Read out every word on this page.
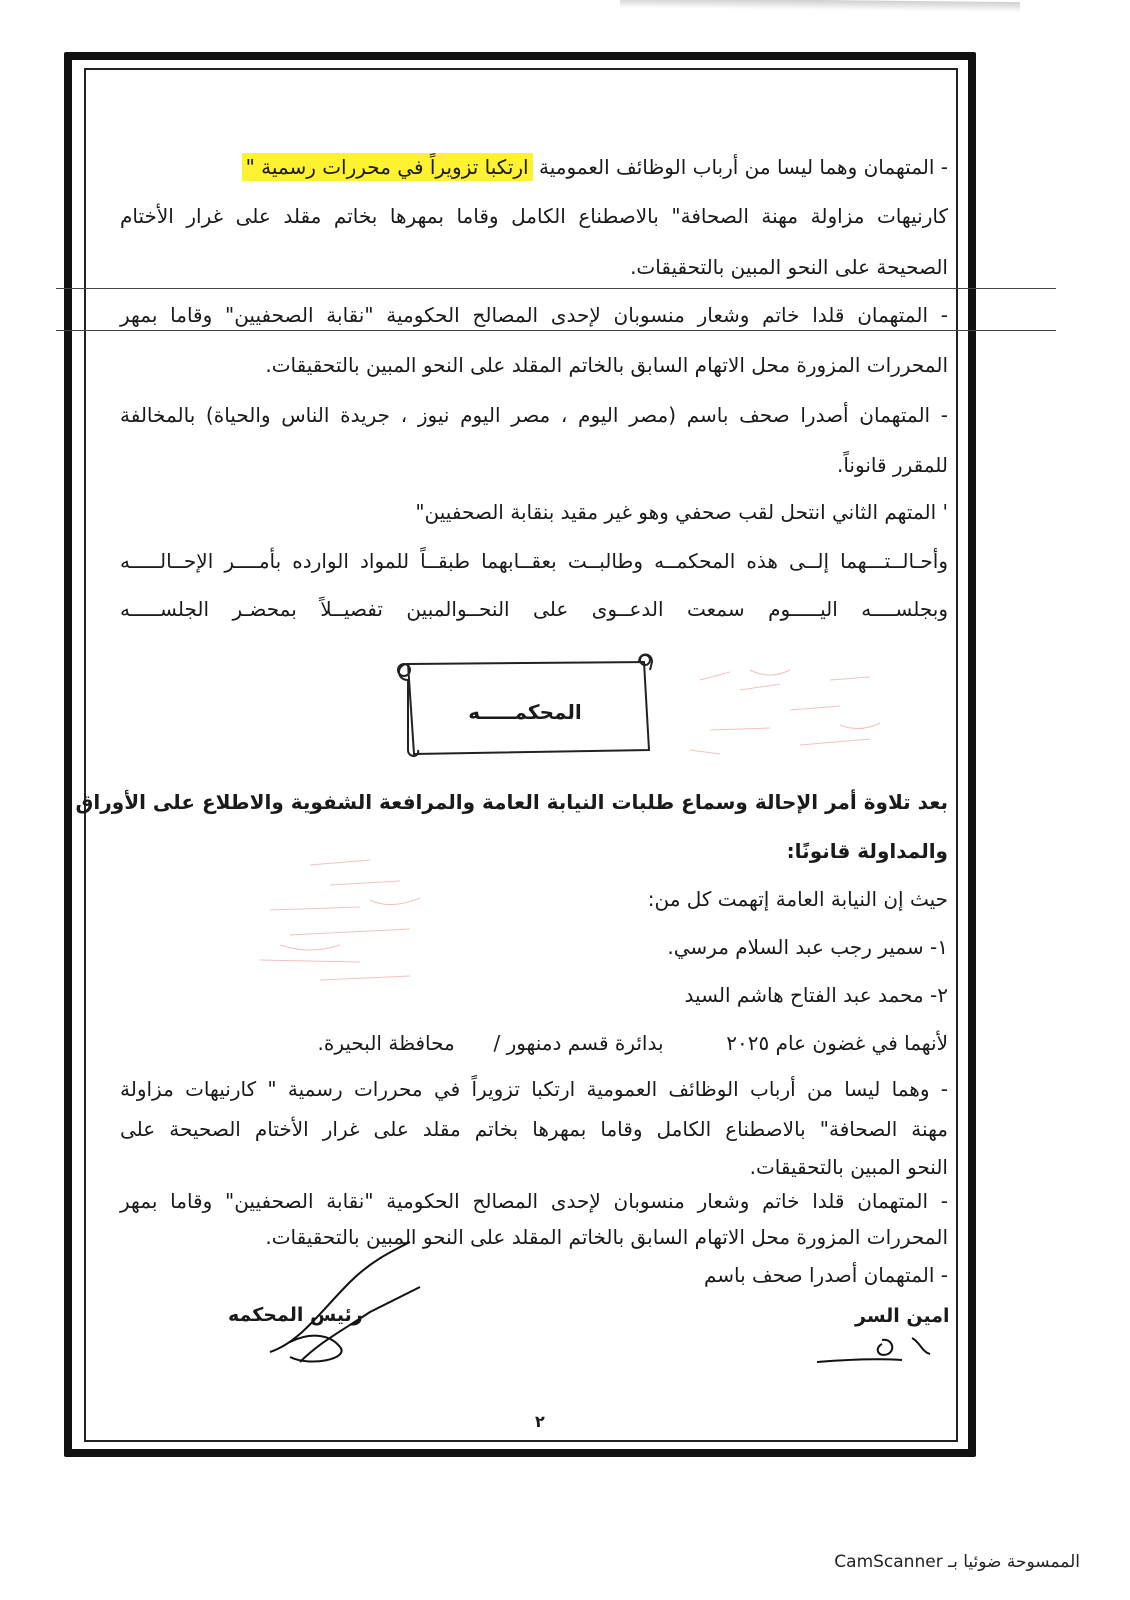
- المتهمان وهما ليسا من أرباب الوظائف العمومية ارتكبا تزويراً في محررات رسمية "
كارنيهات مزاولة مهنة الصحافة" بالاصطناع الكامل وقاما بمهرها بخاتم مقلد على غرار الأختام
الصحيحة على النحو المبين بالتحقيقات.
- المتهمان قلدا خاتم وشعار منسوبان لإحدى المصالح الحكومية "نقابة الصحفيين" وقاما بمهر
المحررات المزورة محل الاتهام السابق بالخاتم المقلد على النحو المبين بالتحقيقات.
- المتهمان أصدرا صحف باسم (مصر اليوم ، مصر اليوم نيوز ، جريدة الناس والحياة) بالمخالفة
للمقرر قانوناً.
' المتهم الثاني انتحل لقب صحفي وهو غير مقيد بنقابة الصحفيين"
وأحـالــتـــهما إلــى هذه المحكمــه وطالبــت بعقــابهما طبقــاً للمواد الوارده بأمــــر الإحــالـــــه
وبجلســــه اليـــــوم سمعت الدعــوى على النحــوالمبين تفصيــلاً بمحضـر الجلســـــه
المحكمـــــه
بعد تلاوة أمر الإحالة وسماع طلبات النيابة العامة والمرافعة الشفوية والاطلاع على الأوراق
والمداولة قانونًا:
حيث إن النيابة العامة إتهمت كل من:
١- سمير رجب عبد السلام مرسي.
٢- محمد عبد الفتاح هاشم السيد
لأنهما في غضون عام ٢٠٢٥  بدائرة قسم دمنهور /  محافظة البحيرة.
- وهما ليسا من أرباب الوظائف العمومية ارتكبا تزويراً في محررات رسمية " كارنيهات مزاولة
مهنة الصحافة" بالاصطناع الكامل وقاما بمهرها بخاتم مقلد على غرار الأختام الصحيحة على
النحو المبين بالتحقيقات.
- المتهمان قلدا خاتم وشعار منسوبان لإحدى المصالح الحكومية "نقابة الصحفيين" وقاما بمهر
المحررات المزورة محل الاتهام السابق بالخاتم المقلد على النحو المبين بالتحقيقات.
- المتهمان أصدرا صحف باسم
رئيس المحكمه	امين السر
٢
الممسوحة ضوئيا بـ CamScanner
